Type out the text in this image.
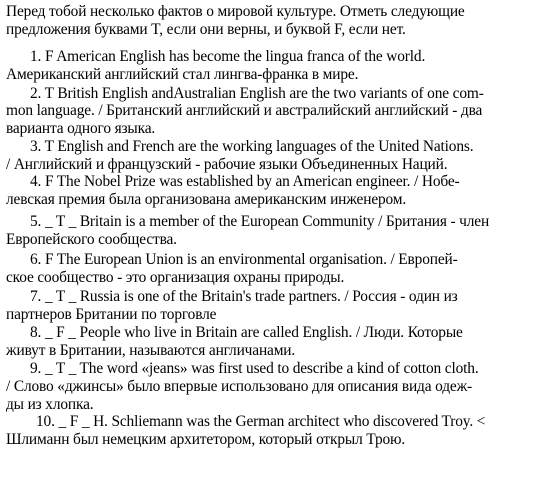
Перед тобой несколько фактов о мировой культуре. Отметь следующие
предложения буквами T, если они верны, и буквой F, если нет.
1. F American English has become the lingua franca of the world.
Американский английский стал лингва-франка в мире.
2. T British English andAustralian English are the two variants of one com-
mon language. / Британский английский и австралийский английский - два
варианта одного языка.
3. T English and French are the working languages of the United Nations.
/ Английский и французский - рабочие языки Объединенных Наций.
4. F The Nobel Prize was established by an American engineer. / Нобе-
левская премия была организована американским инженером.
5. _ T _ Britain is a member of the European Community / Британия - член
Европейского сообщества.
6. F The European Union is an environmental organisation. / Европей-
ское сообщество - это организация охраны природы.
7. _ T _ Russia is one of the Britain's trade partners. / Россия - один из
партнеров Британии по торговле
8. _ F _ People who live in Britain are called English. / Люди. Которые
живут в Британии, называются англичанами.
9. _ T _ The word «jeans» was first used to describe a kind of cotton cloth.
/ Слово «джинсы» было впервые использовано для описания вида одеж-
ды из хлопка.
10. _ F _ H. Schliemann was the German architect who discovered Troy. <
Шлиманн был немецким архитетором, который открыл Трою.
